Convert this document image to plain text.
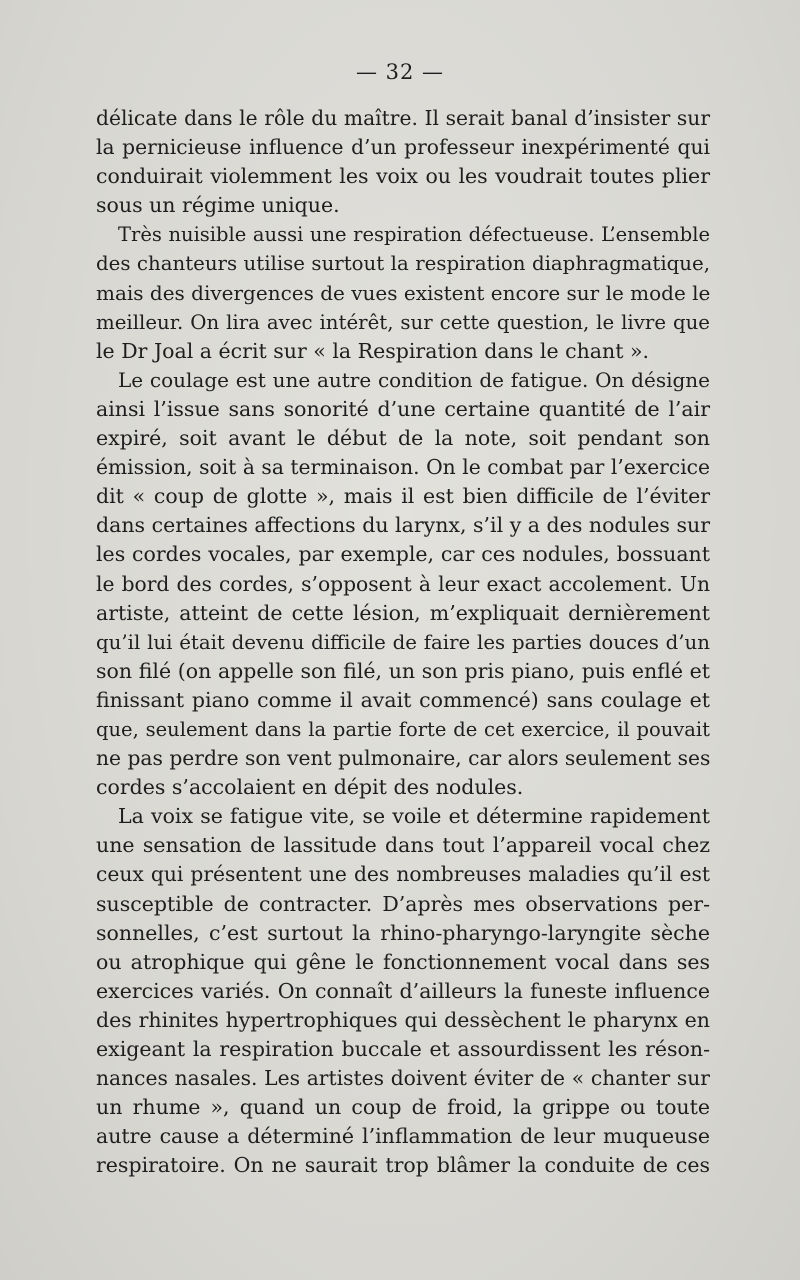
— 32 —
délicate dans le rôle du maître. Il serait banal d’insister sur
la pernicieuse influence d’un professeur inexpérimenté qui
conduirait violemment les voix ou les voudrait toutes plier
sous un régime unique.
Très nuisible aussi une respiration défectueuse. L’ensemble
des chanteurs utilise surtout la respiration diaphragmatique,
mais des divergences de vues existent encore sur le mode le
meilleur. On lira avec intérêt, sur cette question, le livre que
le Dr Joal a écrit sur « la Respiration dans le chant ».
Le coulage est une autre condition de fatigue. On désigne
ainsi l’issue sans sonorité d’une certaine quantité de l’air
expiré, soit avant le début de la note, soit pendant son
émission, soit à sa terminaison. On le combat par l’exercice
dit « coup de glotte », mais il est bien difficile de l’éviter
dans certaines affections du larynx, s’il y a des nodules sur
les cordes vocales, par exemple, car ces nodules, bossuant
le bord des cordes, s’opposent à leur exact accolement. Un
artiste, atteint de cette lésion, m’expliquait dernièrement
qu’il lui était devenu difficile de faire les parties douces d’un
son filé (on appelle son filé, un son pris piano, puis enflé et
finissant piano comme il avait commencé) sans coulage et
que, seulement dans la partie forte de cet exercice, il pouvait
ne pas perdre son vent pulmonaire, car alors seulement ses
cordes s’accolaient en dépit des nodules.
La voix se fatigue vite, se voile et détermine rapidement
une sensation de lassitude dans tout l’appareil vocal chez
ceux qui présentent une des nombreuses maladies qu’il est
susceptible de contracter. D’après mes observations per-
sonnelles, c’est surtout la rhino-pharyngo-laryngite sèche
ou atrophique qui gêne le fonctionnement vocal dans ses
exercices variés. On connaît d’ailleurs la funeste influence
des rhinites hypertrophiques qui dessèchent le pharynx en
exigeant la respiration buccale et assourdissent les réson-
nances nasales. Les artistes doivent éviter de « chanter sur
un rhume », quand un coup de froid, la grippe ou toute
autre cause a déterminé l’inflammation de leur muqueuse
respiratoire. On ne saurait trop blâmer la conduite de ces
